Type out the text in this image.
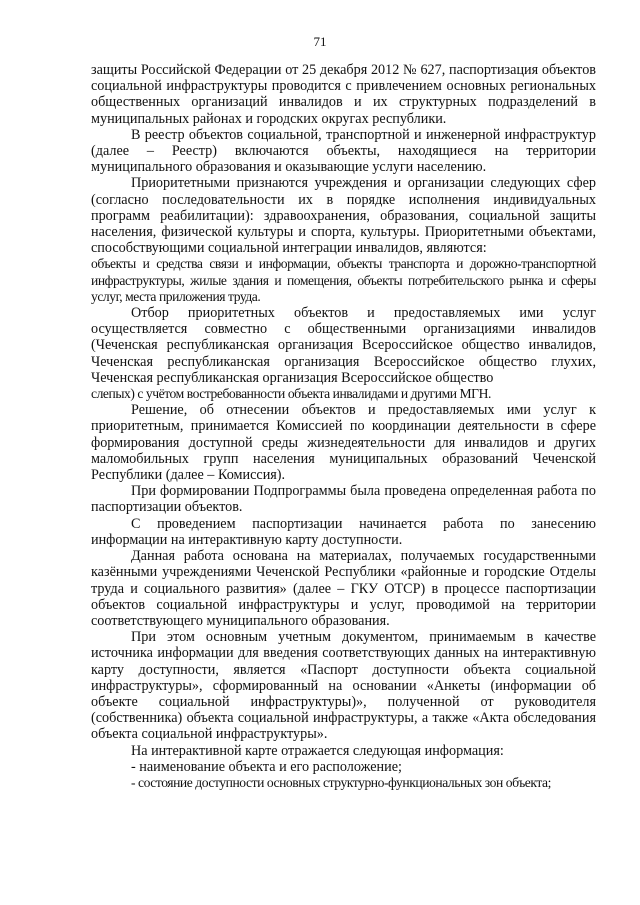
71

защиты Российской Федерации от 25 декабря 2012 № 627, паспортизация объектов социальной инфраструктуры проводится с привлечением основных региональных общественных организаций инвалидов и их структурных подразделений в муниципальных районах и городских округах республики.

В реестр объектов социальной, транспортной и инженерной инфраструктур (далее – Реестр) включаются объекты, находящиеся на территории муниципального образования и оказывающие услуги населению.

Приоритетными признаются учреждения и организации следующих сфер (согласно последовательности их в порядке исполнения индивидуальных программ реабилитации): здравоохранения, образования, социальной защиты населения, физической культуры и спорта, культуры. Приоритетными объектами, способствующими социальной интеграции инвалидов, являются:

объекты и средства связи и информации, объекты транспорта и дорожно-транспортной инфраструктуры, жилые здания и помещения, объекты потребительского рынка и сферы услуг, места приложения труда.

Отбор приоритетных объектов и предоставляемых ими услуг осуществляется совместно с общественными организациями инвалидов (Чеченская республиканская организация Всероссийское общество инвалидов, Чеченская республиканская организация Всероссийское общество глухих, Чеченская республиканская организация Всероссийское общество

слепых) с учётом востребованности объекта инвалидами и другими МГН.

Решение, об отнесении объектов и предоставляемых ими услуг к приоритетным, принимается Комиссией по координации деятельности в сфере формирования доступной среды жизнедеятельности для инвалидов и других маломобильных групп населения муниципальных образований Чеченской Республики (далее – Комиссия).

При формировании Подпрограммы была проведена определенная работа по паспортизации объектов.

С проведением паспортизации начинается работа по занесению информации на интерактивную карту доступности.

Данная работа основана на материалах, получаемых государственными казёнными учреждениями Чеченской Республики «районные и городские Отделы труда и социального развития» (далее – ГКУ ОТСР) в процессе паспортизации объектов социальной инфраструктуры и услуг, проводимой на территории соответствующего муниципального образования.

При этом основным учетным документом, принимаемым в качестве источника информации для введения соответствующих данных на интерактивную карту доступности, является «Паспорт доступности объекта социальной инфраструктуры», сформированный на основании «Анкеты (информации об объекте социальной инфраструктуры)», полученной от руководителя (собственника) объекта социальной инфраструктуры, а также «Акта обследования объекта социальной инфраструктуры».

На интерактивной карте отражается следующая информация:

- наименование объекта и его расположение;

- состояние доступности основных структурно-функциональных зон объекта;
